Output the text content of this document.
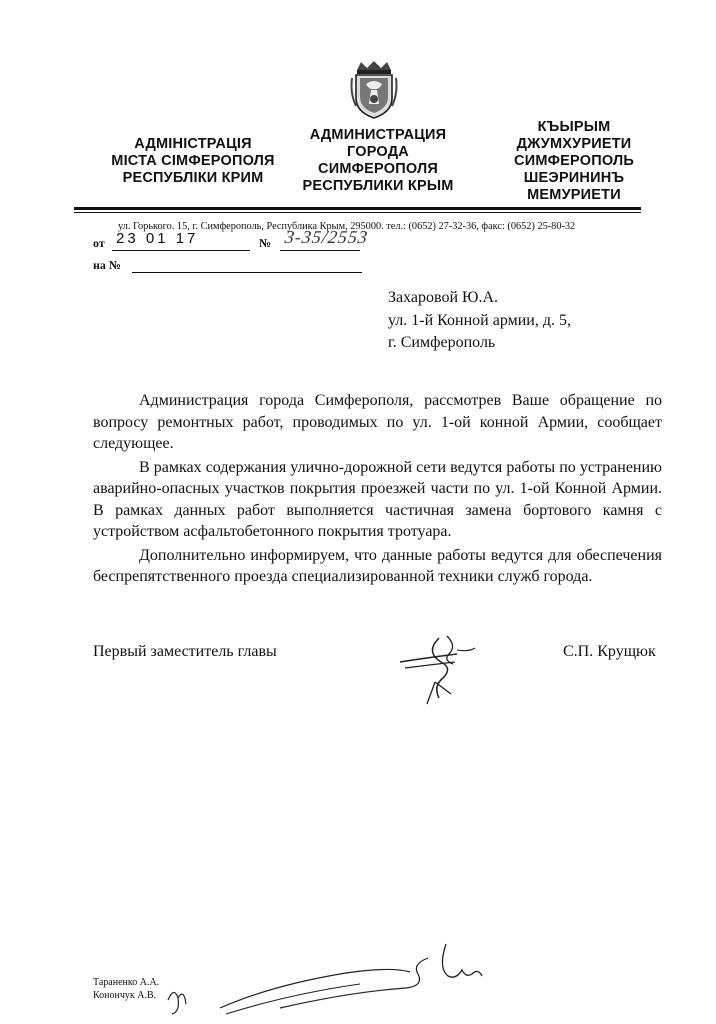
АДМІНІСТРАЦІЯ
МІСТА СІМФЕРОПОЛЯ
РЕСПУБЛІКИ КРИМ
АДМИНИСТРАЦИЯ
ГОРОДА
СИМФЕРОПОЛЯ
РЕСПУБЛИКИ КРЫМ
КЪЫРЫМ
ДЖУМХУРИЕТИ
СИМФЕРОПОЛЬ
ШЕЭРИНИНЪ
МЕМУРИЕТИ
ул. Горького. 15, г. Симферополь, Республика Крым, 295000. тел.: (0652) 27-32-36, факс: (0652) 25-80-32
от 23 01 17	№ 3-35/2553
на №
Захаровой Ю.А.
ул. 1-й Конной армии, д. 5,
г. Симферополь

Администрация города Симферополя, рассмотрев Ваше обращение по вопросу ремонтных работ, проводимых по ул. 1-ой конной Армии, сообщает следующее.

В рамках содержания улично-дорожной сети ведутся работы по устранению аварийно-опасных участков покрытия проезжей части по ул. 1-ой Конной Армии. В рамках данных работ выполняется частичная замена бортового камня с устройством асфальтобетонного покрытия тротуара.

Дополнительно информируем, что данные работы ведутся для обеспечения беспрепятственного проезда специализированной техники служб города.

Первый заместитель главы	С.П. Крущюк
Тараненко А.А.
Конончук А.В.
